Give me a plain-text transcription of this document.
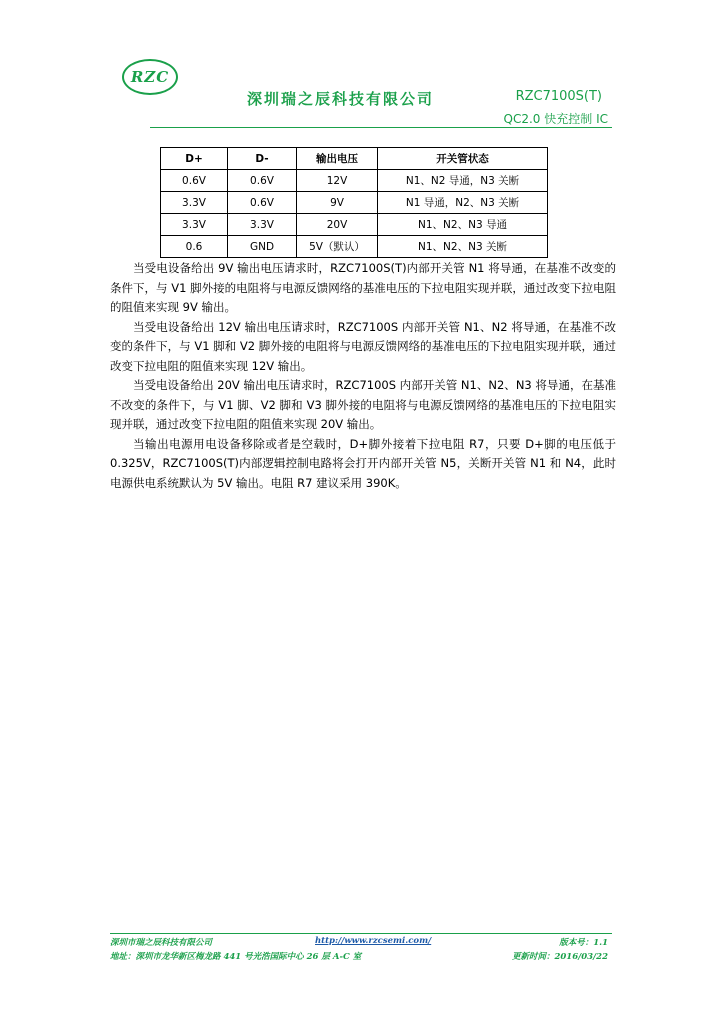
RZC
深圳瑞之辰科技有限公司	RZC7100S(T)
QC2.0 快充控制 IC
D+	D-	输出电压	开关管状态
0.6V	0.6V	12V	N1、N2 导通，N3 关断
3.3V	0.6V	9V	N1 导通，N2、N3 关断
3.3V	3.3V	20V	N1、N2、N3 导通
0.6	GND	5V（默认）	N1、N2、N3 关断

当受电设备给出 9V 输出电压请求时，RZC7100S(T)内部开关管 N1 将导通，在基准不改变的条件下，与 V1 脚外接的电阻将与电源反馈网络的基准电压的下拉电阻实现并联，通过改变下拉电阻的阻值来实现 9V 输出。

当受电设备给出 12V 输出电压请求时，RZC7100S 内部开关管 N1、N2 将导通，在基准不改变的条件下，与 V1 脚和 V2 脚外接的电阻将与电源反馈网络的基准电压的下拉电阻实现并联，通过改变下拉电阻的阻值来实现 12V 输出。

当受电设备给出 20V 输出电压请求时，RZC7100S 内部开关管 N1、N2、N3 将导通，在基准不改变的条件下，与 V1 脚、V2 脚和 V3 脚外接的电阻将与电源反馈网络的基准电压的下拉电阻实现并联，通过改变下拉电阻的阻值来实现 20V 输出。

当输出电源用电设备移除或者是空载时，D+脚外接着下拉电阻 R7，只要 D+脚的电压低于 0.325V，RZC7100S(T)内部逻辑控制电路将会打开内部开关管 N5，关断开关管 N1 和 N4，此时电源供电系统默认为 5V 输出。电阻 R7 建议采用 390K。

深圳市瑞之辰科技有限公司	http://www.rzcsemi.com/	版本号：1.1
地址：深圳市龙华新区梅龙路 441 号光浩国际中心 26 层 A-C 室	更新时间：2016/03/22
